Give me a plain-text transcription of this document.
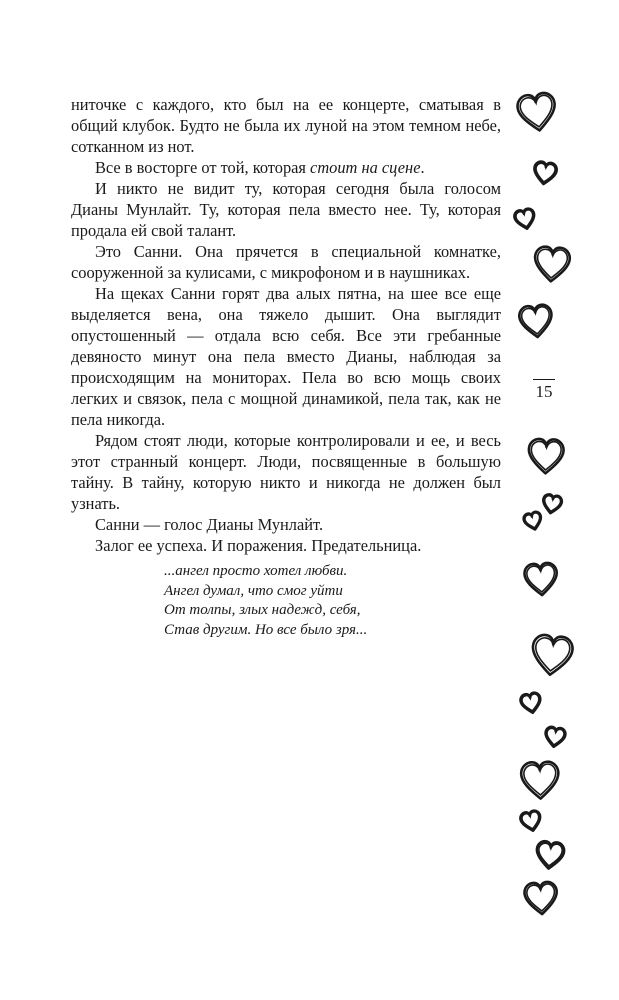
ниточке с каждого, кто был на ее концерте, сматывая в общий клубок. Будто не была их луной на этом темном небе, сотканном из нот.

Все в восторге от той, которая стоит на сцене.

И никто не видит ту, которая сегодня была голосом Дианы Мунлайт. Ту, которая пела вместо нее. Ту, которая продала ей свой талант.

Это Санни. Она прячется в специальной комнатке, сооруженной за кулисами, с микрофоном и в наушниках.

На щеках Санни горят два алых пятна, на шее все еще выделяется вена, она тяжело дышит. Она выглядит опустошенный — отдала всю себя. Все эти гребанные девяносто минут она пела вместо Дианы, наблюдая за происходящим на мониторах. Пела во всю мощь своих легких и связок, пела с мощной динамикой, пела так, как не пела никогда.

Рядом стоят люди, которые контролировали и ее, и весь этот странный концерт. Люди, посвященные в большую тайну. В тайну, которую никто и никогда не должен был узнать.

Санни — голос Дианы Мунлайт.

Залог ее успеха. И поражения. Предательница.

...ангел просто хотел любви.
Ангел думал, что смог уйти
От толпы, злых надежд, себя,
Став другим. Но все было зря...
15
